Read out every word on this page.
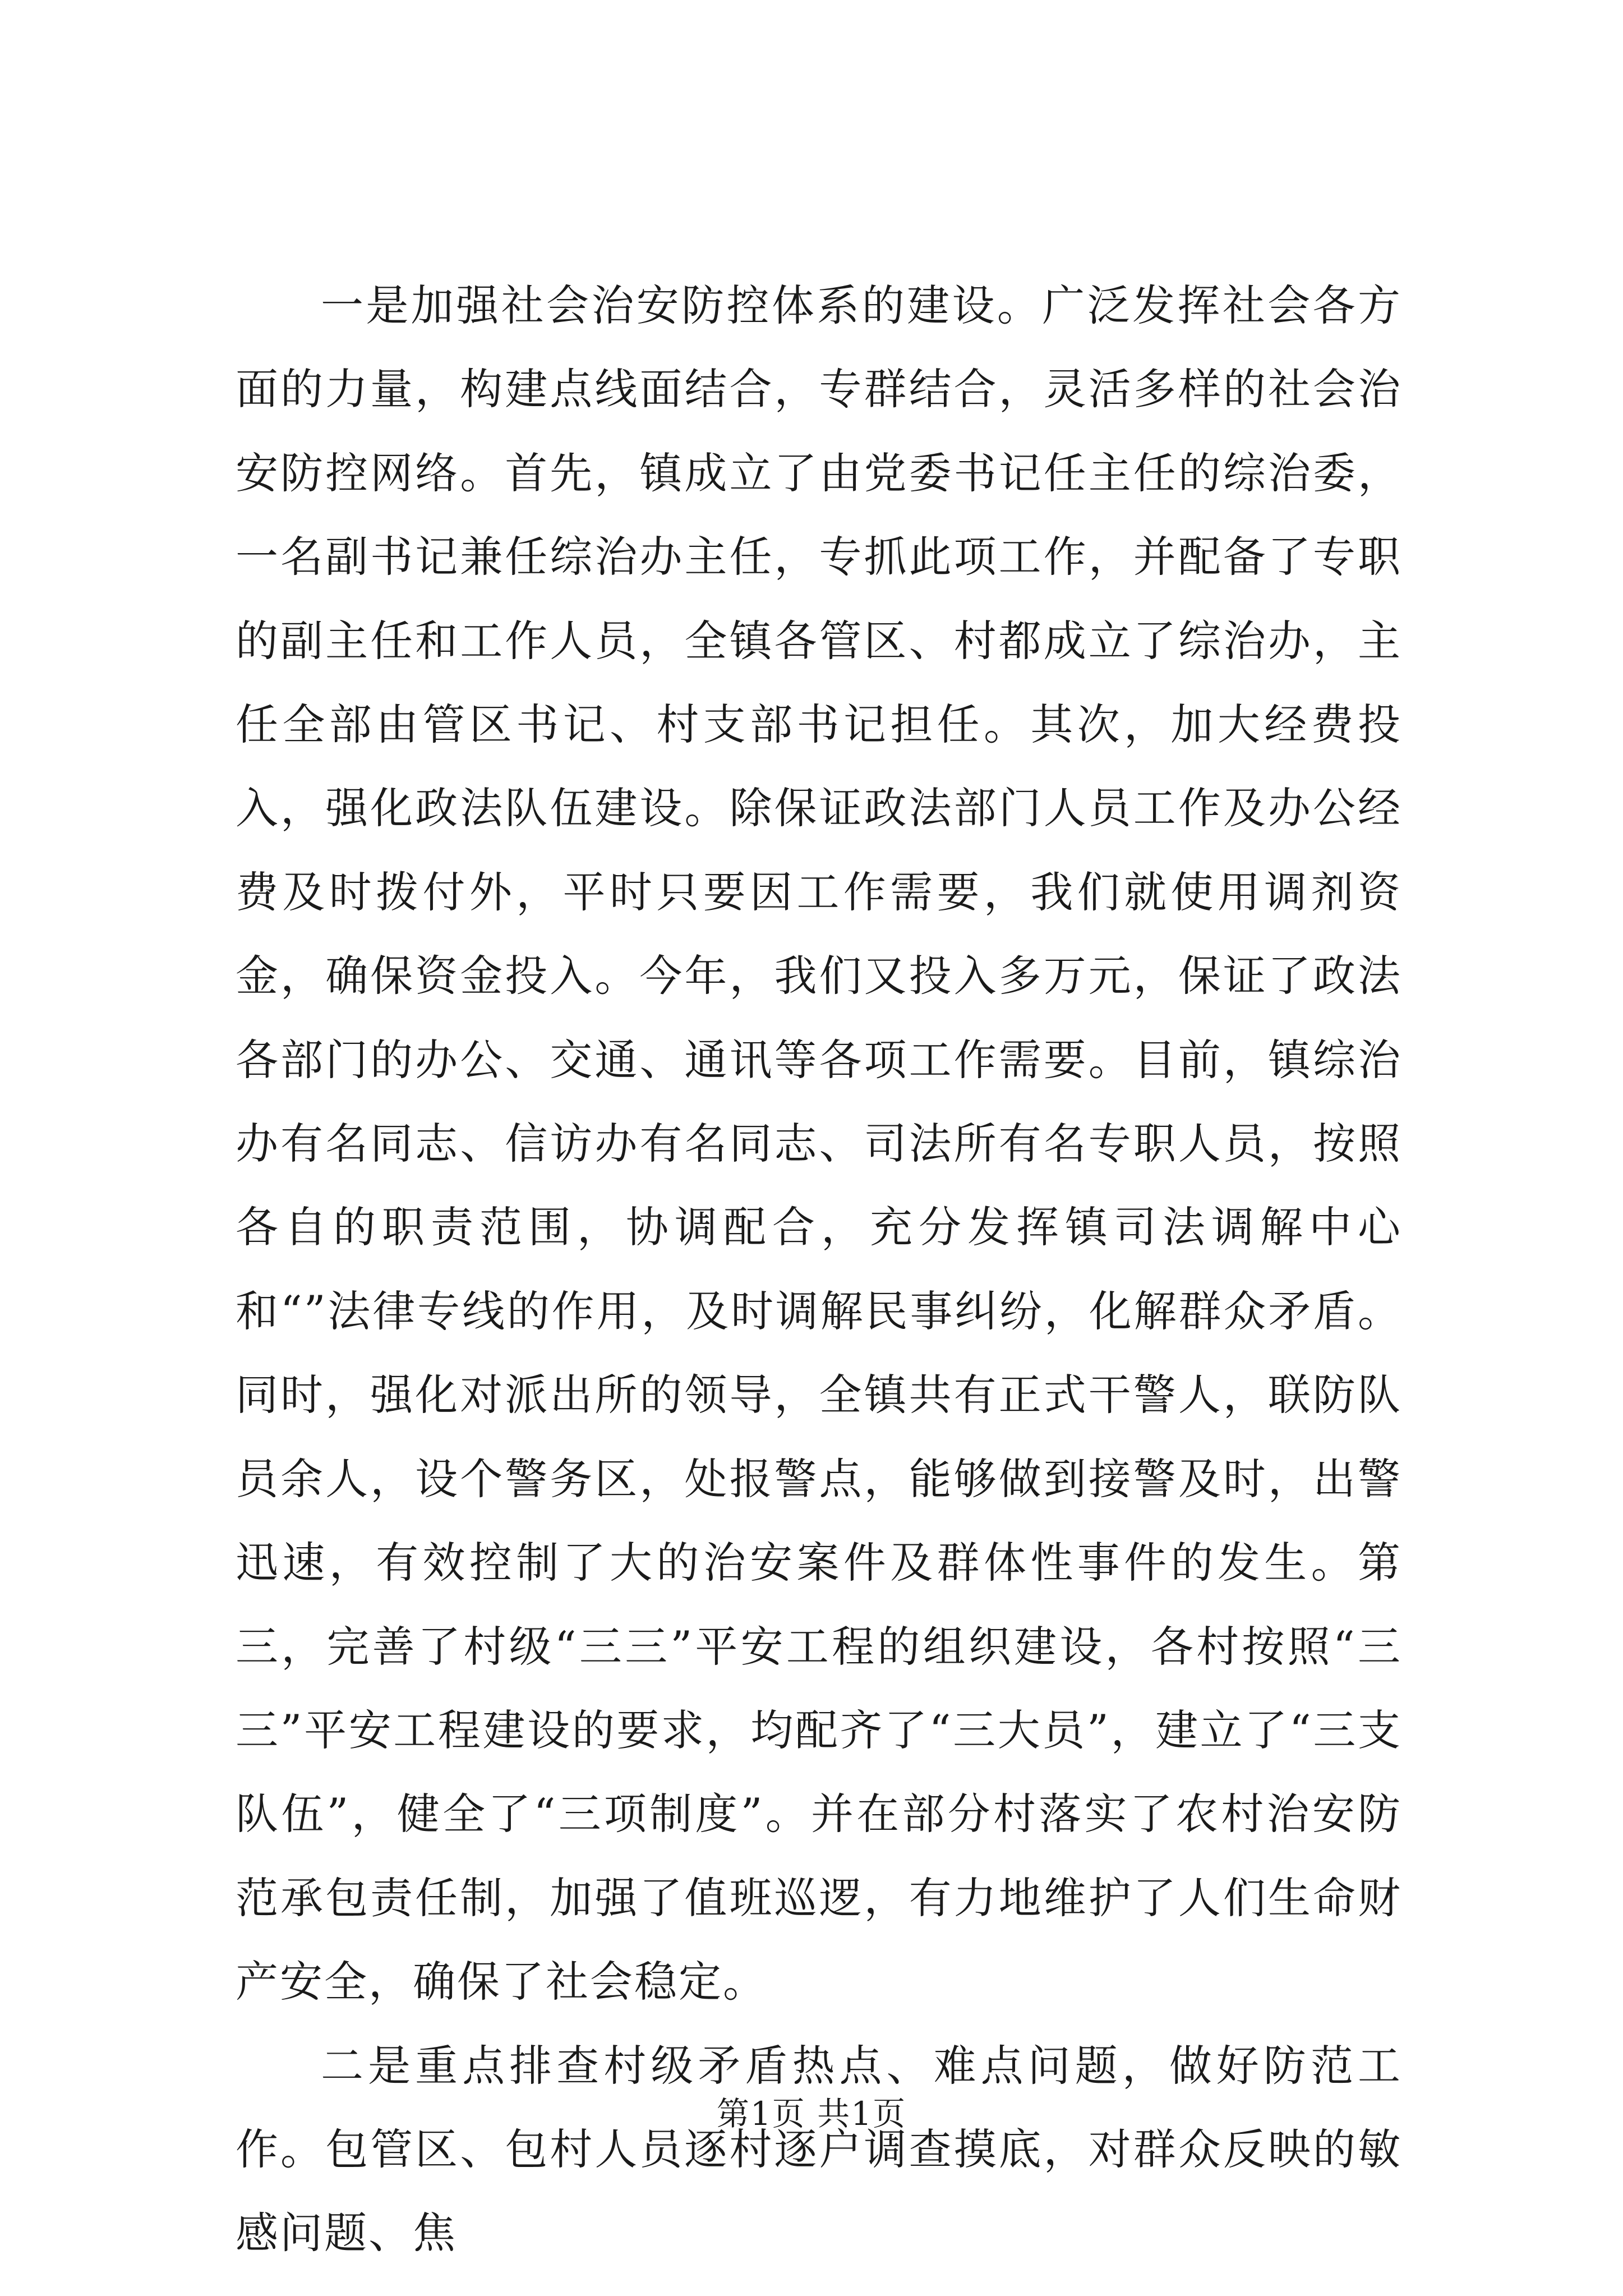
一是加强社会治安防控体系的建设。广泛发挥社会各方面的力量，构建点线面结合，专群结合，灵活多样的社会治安防控网络。首先，镇成立了由党委书记任主任的综治委，一名副书记兼任综治办主任，专抓此项工作，并配备了专职的副主任和工作人员，全镇各管区、村都成立了综治办，主任全部由管区书记、村支部书记担任。其次，加大经费投入，强化政法队伍建设。除保证政法部门人员工作及办公经费及时拨付外，平时只要因工作需要，我们就使用调剂资金，确保资金投入。今年，我们又投入多万元，保证了政法各部门的办公、交通、通讯等各项工作需要。目前，镇综治办有名同志、信访办有名同志、司法所有名专职人员，按照各自的职责范围，协调配合，充分发挥镇司法调解中心和“”法律专线的作用，及时调解民事纠纷，化解群众矛盾。同时，强化对派出所的领导，全镇共有正式干警人，联防队员余人，设个警务区，处报警点，能够做到接警及时，出警迅速，有效控制了大的治安案件及群体性事件的发生。第三，完善了村级“三三”平安工程的组织建设，各村按照“三三”平安工程建设的要求，均配齐了“三大员”，建立了“三支队伍”，健全了“三项制度”。并在部分村落实了农村治安防范承包责任制，加强了值班巡逻，有力地维护了人们生命财产安全，确保了社会稳定。

二是重点排查村级矛盾热点、难点问题，做好防范工作。包管区、包村人员逐村逐户调查摸底，对群众反映的敏感问题、焦

第1页 共1页
